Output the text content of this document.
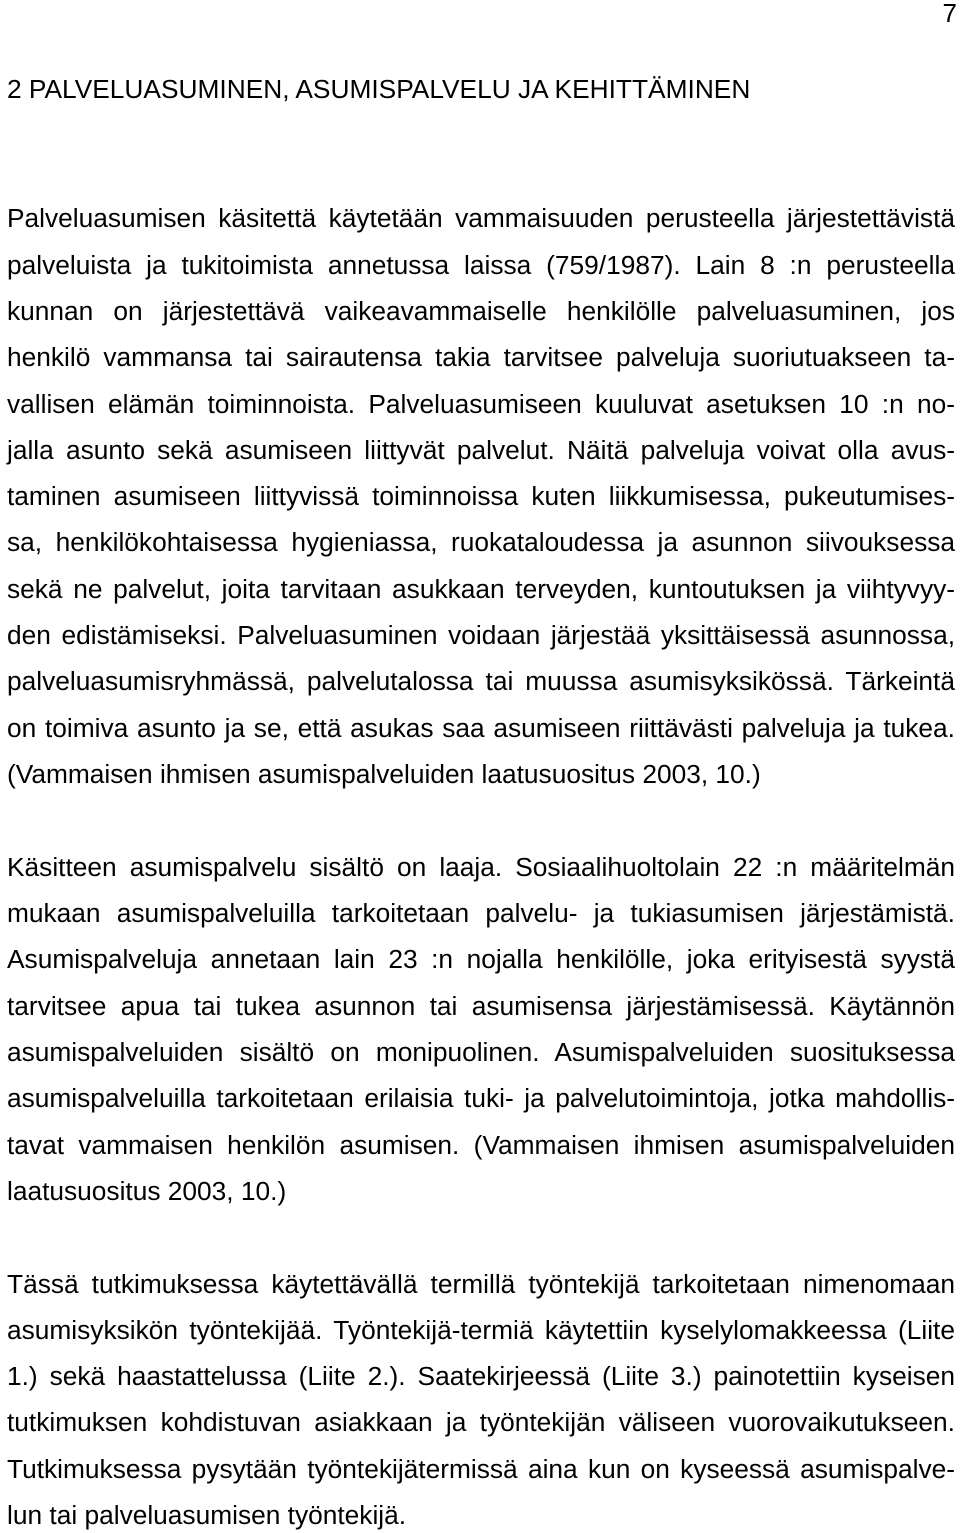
7
2 PALVELUASUMINEN, ASUMISPALVELU JA KEHITTÄMINEN
Palveluasumisen käsitettä käytetään vammaisuuden perusteella järjestettävistä
palveluista ja tukitoimista annetussa laissa (759/1987). Lain 8 :n perusteella
kunnan on järjestettävä vaikeavammaiselle henkilölle palveluasuminen, jos
henkilö vammansa tai sairautensa takia tarvitsee palveluja suoriutuakseen ta-
vallisen elämän toiminnoista. Palveluasumiseen kuuluvat asetuksen 10 :n no-
jalla asunto sekä asumiseen liittyvät palvelut. Näitä palveluja voivat olla avus-
taminen asumiseen liittyvissä toiminnoissa kuten liikkumisessa, pukeutumises-
sa, henkilökohtaisessa hygieniassa, ruokataloudessa ja asunnon siivouksessa
sekä ne palvelut, joita tarvitaan asukkaan terveyden, kuntoutuksen ja viihtyvyy-
den edistämiseksi. Palveluasuminen voidaan järjestää yksittäisessä asunnossa,
palveluasumisryhmässä, palvelutalossa tai muussa asumisyksikössä. Tärkeintä
on toimiva asunto ja se, että asukas saa asumiseen riittävästi palveluja ja tukea.
(Vammaisen ihmisen asumispalveluiden laatusuositus 2003, 10.)
Käsitteen asumispalvelu sisältö on laaja. Sosiaalihuoltolain 22 :n määritelmän
mukaan asumispalveluilla tarkoitetaan palvelu- ja tukiasumisen järjestämistä.
Asumispalveluja annetaan lain 23 :n nojalla henkilölle, joka erityisestä syystä
tarvitsee apua tai tukea asunnon tai asumisensa järjestämisessä. Käytännön
asumispalveluiden sisältö on monipuolinen. Asumispalveluiden suosituksessa
asumispalveluilla tarkoitetaan erilaisia tuki- ja palvelutoimintoja, jotka mahdollis-
tavat vammaisen henkilön asumisen. (Vammaisen ihmisen asumispalveluiden
laatusuositus 2003, 10.)
Tässä tutkimuksessa käytettävällä termillä työntekijä tarkoitetaan nimenomaan
asumisyksikön työntekijää. Työntekijä-termiä käytettiin kyselylomakkeessa (Liite
1.) sekä haastattelussa (Liite 2.). Saatekirjeessä (Liite 3.) painotettiin kyseisen
tutkimuksen kohdistuvan asiakkaan ja työntekijän väliseen vuorovaikutukseen.
Tutkimuksessa pysytään työntekijätermissä aina kun on kyseessä asumispalve-
lun tai palveluasumisen työntekijä.
